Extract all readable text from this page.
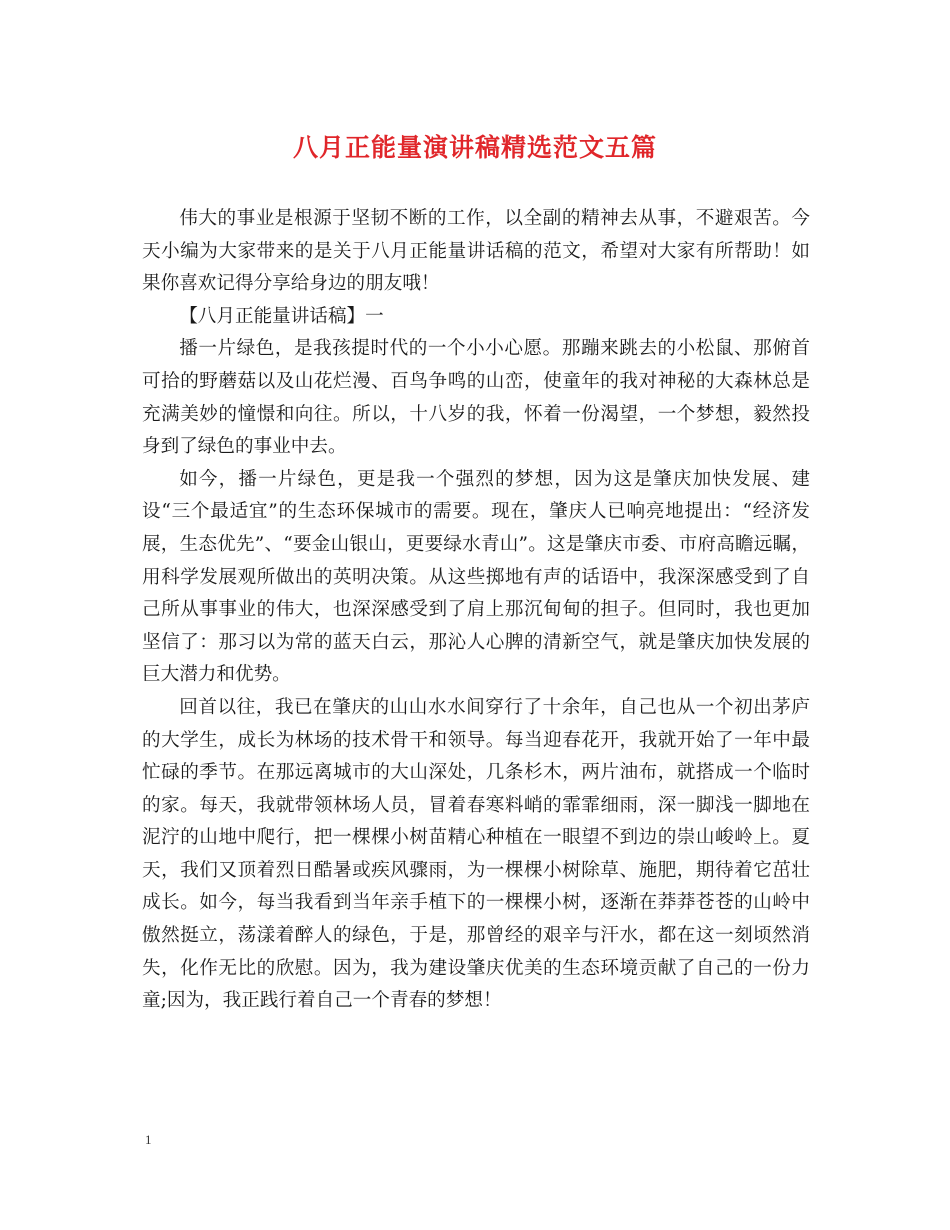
八月正能量演讲稿精选范文五篇

伟大的事业是根源于坚韧不断的工作，以全副的精神去从事，不避艰苦。今天小编为大家带来的是关于八月正能量讲话稿的范文，希望对大家有所帮助！如果你喜欢记得分享给身边的朋友哦！

【八月正能量讲话稿】一

播一片绿色，是我孩提时代的一个小小心愿。那蹦来跳去的小松鼠、那俯首可拾的野蘑菇以及山花烂漫、百鸟争鸣的山峦，使童年的我对神秘的大森林总是充满美妙的憧憬和向往。所以，十八岁的我，怀着一份渴望，一个梦想，毅然投身到了绿色的事业中去。

如今，播一片绿色，更是我一个强烈的梦想，因为这是肇庆加快发展、建设“三个最适宜”的生态环保城市的需要。现在，肇庆人已响亮地提出：“经济发展，生态优先”、“要金山银山，更要绿水青山”。这是肇庆市委、市府高瞻远瞩，用科学发展观所做出的英明决策。从这些掷地有声的话语中，我深深感受到了自己所从事事业的伟大，也深深感受到了肩上那沉甸甸的担子。但同时，我也更加坚信了：那习以为常的蓝天白云，那沁人心脾的清新空气，就是肇庆加快发展的巨大潜力和优势。

回首以往，我已在肇庆的山山水水间穿行了十余年，自己也从一个初出茅庐的大学生，成长为林场的技术骨干和领导。每当迎春花开，我就开始了一年中最忙碌的季节。在那远离城市的大山深处，几条杉木，两片油布，就搭成一个临时的家。每天，我就带领林场人员，冒着春寒料峭的霏霏细雨，深一脚浅一脚地在泥泞的山地中爬行，把一棵棵小树苗精心种植在一眼望不到边的崇山峻岭上。夏天，我们又顶着烈日酷暑或疾风骤雨，为一棵棵小树除草、施肥，期待着它茁壮成长。如今，每当我看到当年亲手植下的一棵棵小树，逐渐在莽莽苍苍的山岭中傲然挺立，荡漾着醉人的绿色，于是，那曾经的艰辛与汗水，都在这一刻顷然消失，化作无比的欣慰。因为，我为建设肇庆优美的生态环境贡献了自己的一份力童;因为，我正践行着自己一个青春的梦想！

1
